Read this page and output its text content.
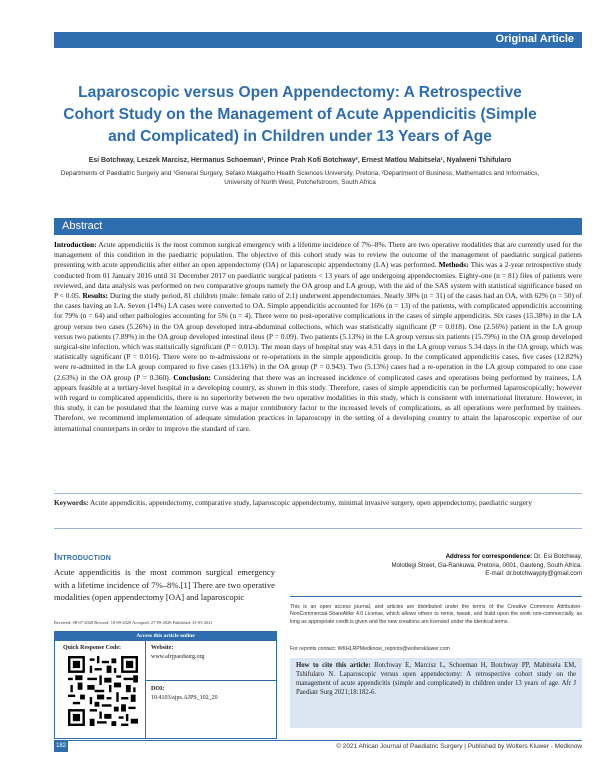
Original Article
Laparoscopic versus Open Appendectomy: A Retrospective Cohort Study on the Management of Acute Appendicitis (Simple and Complicated) in Children under 13 Years of Age
Esi Botchway, Leszek Marcisz, Hermanus Schoeman¹, Prince Prah Kofi Botchway², Ernest Matlou Mabitsela¹, Nyalweni Tshifularo
Departments of Paediatric Surgery and ¹General Surgery, Sefako Makgatho Health Sciences University, Pretoria, ²Department of Business, Mathematics and Informatics, University of North West, Potchefstroom, South Africa
Abstract
Introduction: Acute appendicitis is the most common surgical emergency with a lifetime incidence of 7%–8%. There are two operative modalities that are currently used for the management of this condition in the paediatric population. The objective of this cohort study was to review the outcome of the management of paediatric surgical patients presenting with acute appendicitis after either an open appendectomy (OA) or laparoscopic appendectomy (LA) was performed. Methods: This was a 2-year retrospective study conducted from 01 January 2016 until 31 December 2017 on paediatric surgical patients < 13 years of age undergoing appendectomies. Eighty-one (n = 81) files of patients were reviewed, and data analysis was performed on two comparative groups namely the OA group and LA group, with the aid of the SAS system with statistical significance based on P < 0.05. Results: During the study period, 81 children (male: female ratio of 2:1) underwent appendectomies. Nearly 38% (n = 31) of the cases had an OA, with 62% (n = 50) of the cases having an LA. Seven (14%) LA cases were converted to OA. Simple appendicitis accounted for 16% (n = 13) of the patients, with complicated appendicitis accounting for 79% (n = 64) and other pathologies accounting for 5% (n = 4). There were no post-operative complications in the cases of simple appendicitis. Six cases (15.38%) in the LA group versus two cases (5.26%) in the OA group developed intra-abdominal collections, which was statistically significant (P = 0.018). One (2.56%) patient in the LA group versus two patients (7.89%) in the OA group developed intestinal ileus (P = 0.09). Two patients (5.13%) in the LA group versus six patients (15.79%) in the OA group developed surgical-site infection, which was statistically significant (P = 0.013). The mean days of hospital stay was 4.51 days in the LA group versus 5.34 days in the OA group, which was statistically significant (P = 0.016). There were no re-admissions or re-operations in the simple appendicitis group. In the complicated appendicitis cases, five cases (12.82%) were re-admitted in the LA group compared to five cases (13.16%) in the OA group (P = 0.943). Two (5.13%) cases had a re-operation in the LA group compared to one case (2.63%) in the OA group (P = 0.360). Conclusion: Considering that there was an increased incidence of complicated cases and operations being performed by trainees, LA appears feasible at a tertiary-level hospital in a developing country, as shown in this study. Therefore, cases of simple appendicitis can be performed laparoscopically; however with regard to complicated appendicitis, there is no superiority between the two operative modalities in this study, which is consistent with international literature. However, in this study, it can be postulated that the learning curve was a major contributory factor to the increased levels of complications, as all operations were performed by trainees. Therefore, we recommend implementation of adequate simulation practices in laparoscopy in the setting of a developing country to attain the laparoscopic expertise of our international counterparts in order to improve the standard of care.
Keywords: Acute appendicitis, appendectomy, comparative study, laparoscopic appendectomy, minimal invasive surgery, open appendectomy, paediatric surgery
Introduction
Acute appendicitis is the most common surgical emergency with a lifetime incidence of 7%–8%.[1] There are two operative modalities (open appendectomy [OA] and laparoscopic
Received: 08-07-2020 Revised: 10-09-2020 Accepted: 27-09-2020 Published: 31-05-2021
Access this article online
Quick Response Code:	Website:
www.afrjpaedsurg.org
DOI:
10.4103/ajps.AJPS_102_20
Address for correspondence: Dr. Esi Botchway,
Molotlegi Street, Ga-Rankuwa, Pretoria, 0001, Gauteng, South Africa.
E-mail: dr.botchwaypty@gmail.com
This is an open access journal, and articles are distributed under the terms of the Creative Commons Attribution-NonCommercial-ShareAlike 4.0 License, which allows others to remix, tweak, and build upon the work non-commercially, as long as appropriate credit is given and the new creations are licensed under the identical terms.
For reprints contact: WKHLRPMedknow_reprints@wolterskluwer.com
How to cite this article: Botchway E, Marcisz L, Schoeman H, Botchway PP, Mabitsela EM, Tshifularo N. Laparoscopic versus open appendectomy: A retrospective cohort study on the management of acute appendicitis (simple and complicated) in children under 13 years of age. Afr J Paediatr Surg 2021;18:182-6.
182	© 2021 African Journal of Paediatric Surgery | Published by Wolters Kluwer - Medknow
